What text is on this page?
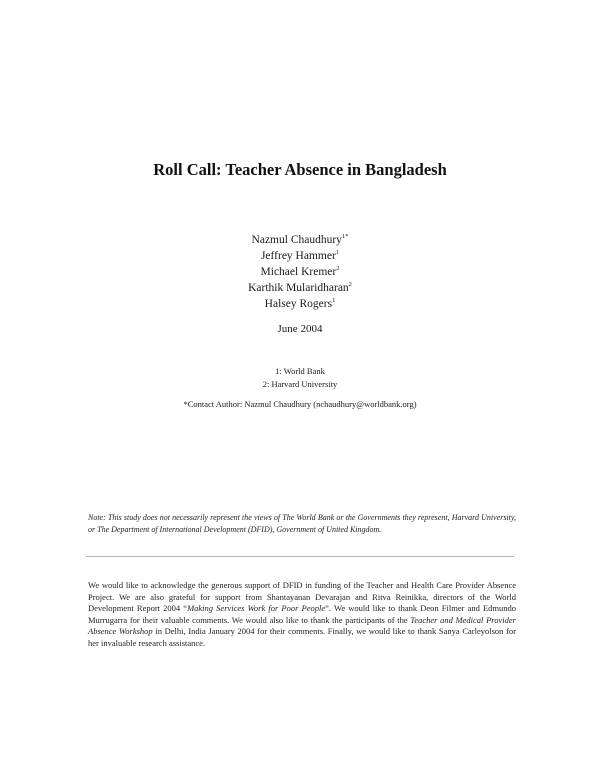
Roll Call: Teacher Absence in Bangladesh
Nazmul Chaudhury$^{1*}$
Jeffrey Hammer$^1$
Michael Kremer$^2$
Karthik Mularidharan$^2$
Halsey Rogers$^1$
June 2004
1: World Bank
2: Harvard University
*Contact Author: Nazmul Chaudhury (nchaudhury@worldbank.org)
Note: This study does not necessarily represent the views of The World Bank or the Governments they represent, Harvard University, or The Department of International Development (DFID), Government of United Kingdom.
We would like to acknowledge the generous support of DFID in funding of the Teacher and Health Care Provider Absence Project. We are also grateful for support from Shantayanan Devarajan and Ritva Reinikka, directors of the World Development Report 2004 “Making Services Work for Poor People”. We would like to thank Deon Filmer and Edmundo Murrugarra for their valuable comments. We would also like to thank the participants of the Teacher and Medical Provider Absence Workshop in Delhi, India January 2004 for their comments. Finally, we would like to thank Sanya Carleyolson for her invaluable research assistance.
